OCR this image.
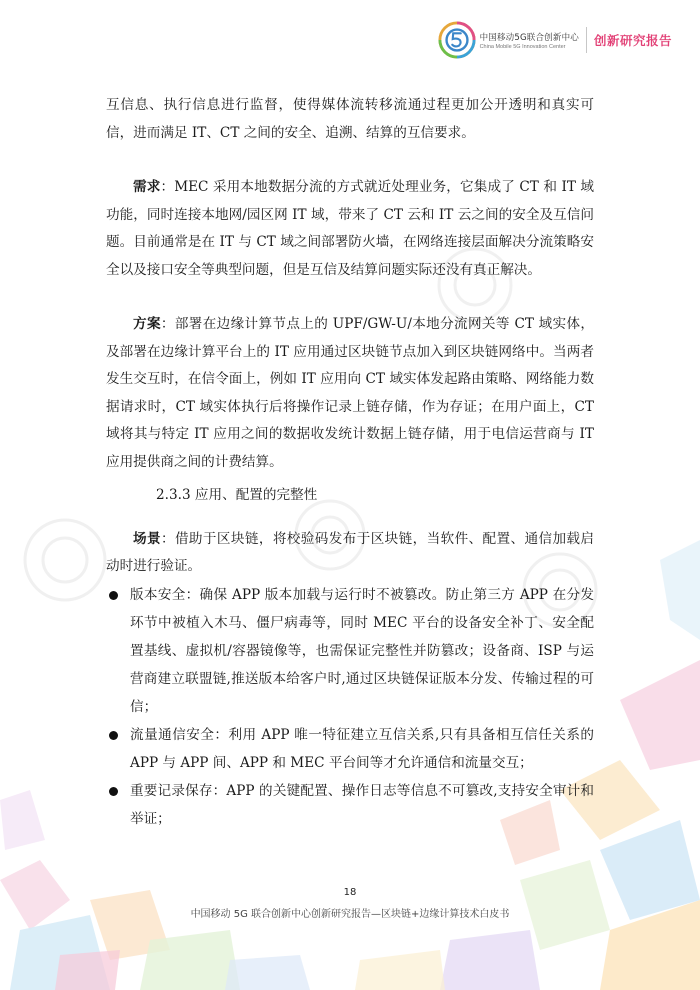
中国移动5G联合创新中心
China Mobile 5G Innovation Center	创新研究报告

互信息、执行信息进行监督，使得媒体流转移流通过程更加公开透明和真实可信，进而满足 IT、CT 之间的安全、追溯、结算的互信要求。

需求：MEC 采用本地数据分流的方式就近处理业务，它集成了 CT 和 IT 域功能，同时连接本地网/园区网 IT 域，带来了 CT 云和 IT 云之间的安全及互信问题。目前通常是在 IT 与 CT 域之间部署防火墙，在网络连接层面解决分流策略安全以及接口安全等典型问题，但是互信及结算问题实际还没有真正解决。

方案：部署在边缘计算节点上的 UPF/GW-U/本地分流网关等 CT 域实体，及部署在边缘计算平台上的 IT 应用通过区块链节点加入到区块链网络中。当两者发生交互时，在信令面上，例如 IT 应用向 CT 域实体发起路由策略、网络能力数据请求时，CT 域实体执行后将操作记录上链存储，作为存证；在用户面上，CT 域将其与特定 IT 应用之间的数据收发统计数据上链存储，用于电信运营商与 IT 应用提供商之间的计费结算。

2.3.3 应用、配置的完整性

场景：借助于区块链，将校验码发布于区块链，当软件、配置、通信加载启动时进行验证。

版本安全：确保 APP 版本加载与运行时不被篡改。防止第三方 APP 在分发环节中被植入木马、僵尸病毒等，同时 MEC 平台的设备安全补丁、安全配置基线、虚拟机/容器镜像等，也需保证完整性并防篡改；设备商、ISP 与运营商建立联盟链,推送版本给客户时,通过区块链保证版本分发、传输过程的可信；
流量通信安全：利用 APP 唯一特征建立互信关系,只有具备相互信任关系的 APP 与 APP 间、APP 和 MEC 平台间等才允许通信和流量交互；
重要记录保存：APP 的关键配置、操作日志等信息不可篡改,支持安全审计和举证；
18
中国移动 5G 联合创新中心创新研究报告—区块链+边缘计算技术白皮书
